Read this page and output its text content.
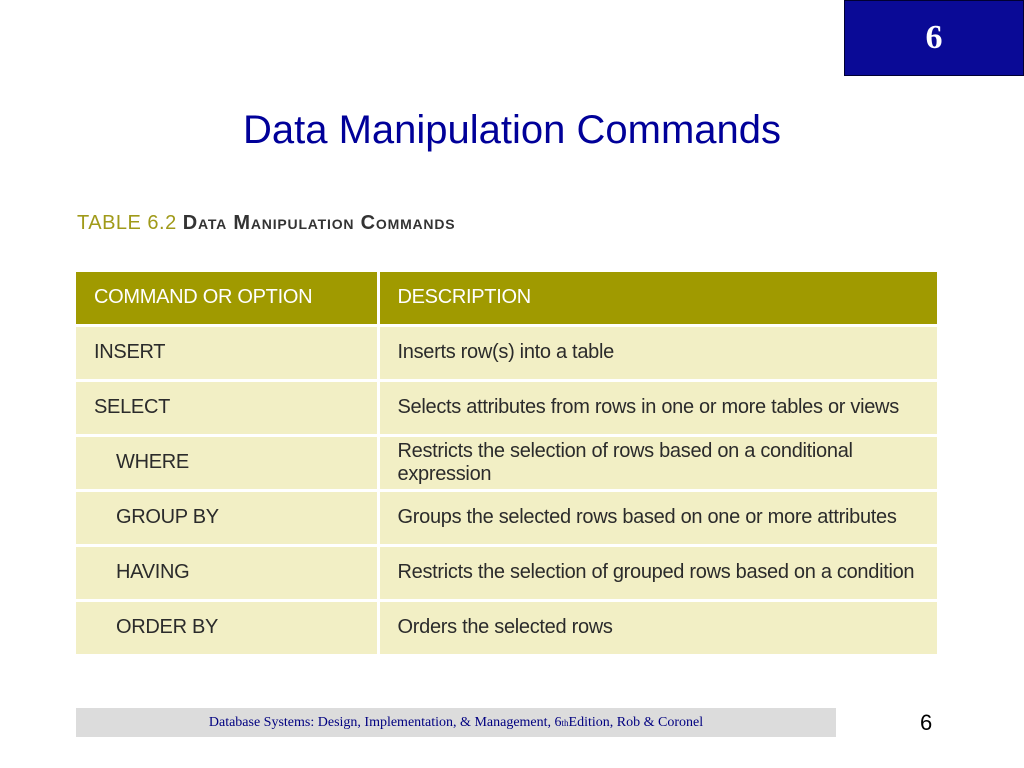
6
Data Manipulation Commands
TABLE 6.2 Data Manipulation Commands
COMMAND OR OPTION	DESCRIPTION
INSERT	Inserts row(s) into a table
SELECT	Selects attributes from rows in one or more tables or views
WHERE	Restricts the selection of rows based on a conditional expression
GROUP BY	Groups the selected rows based on one or more attributes
HAVING	Restricts the selection of grouped rows based on a condition
ORDER BY	Orders the selected rows
Database Systems: Design, Implementation, & Management, 6 th Edition, Rob & Coronel	6
